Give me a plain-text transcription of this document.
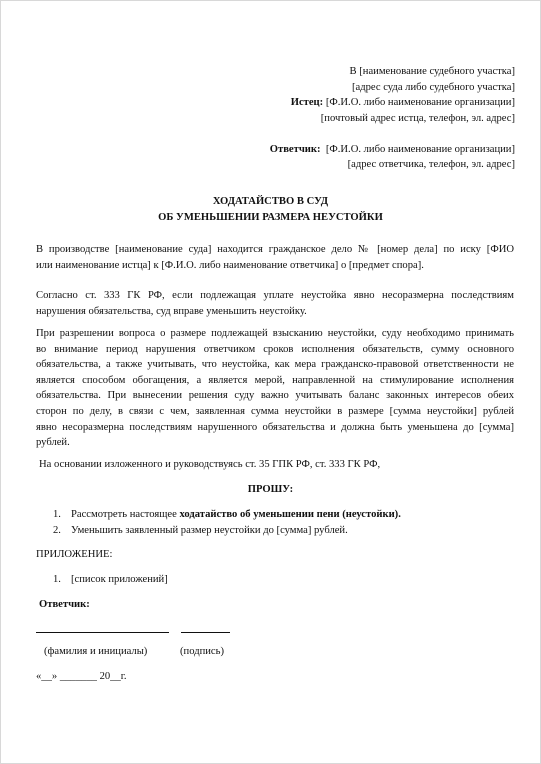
В [наименование судебного участка]
[адрес суда либо судебного участка]
Истец: [Ф.И.О. либо наименование организации]
[почтовый адрес истца, телефон, эл. адрес]
Ответчик: [Ф.И.О. либо наименование организации]
[адрес ответчика, телефон, эл. адрес]
ХОДАТАЙСТВО В СУД
ОБ УМЕНЬШЕНИИ РАЗМЕРА НЕУСТОЙКИ
В производстве [наименование суда] находится гражданское дело № [номер дела] по иску [ФИО
или наименование истца] к [Ф.И.О. либо наименование ответчика] о [предмет спора].
Согласно ст. 333 ГК РФ, если подлежащая уплате неустойка явно несоразмерна последствиям
нарушения обязательства, суд вправе уменьшить неустойку.
При разрешении вопроса о размере подлежащей взысканию неустойки, суду необходимо принимать
во внимание период нарушения ответчиком сроков исполнения обязательств, сумму основного
обязательства, а также учитывать, что неустойка, как мера гражданско-правовой ответственности не
является способом обогащения, а является мерой, направленной на стимулирование исполнения
обязательства. При вынесении решения суду важно учитывать баланс законных интересов обеих
сторон по делу, в связи с чем, заявленная сумма неустойки в размере [сумма неустойки] рублей
явно несоразмерна последствиям нарушенного обязательства и должна быть уменьшена до [сумма]
рублей.
На основании изложенного и руководствуясь ст. 35 ГПК РФ, ст. 333 ГК РФ,
ПРОШУ:
1. Рассмотреть настоящее ходатайство об уменьшении пени (неустойки).
2. Уменьшить заявленный размер неустойки до [сумма] рублей.
ПРИЛОЖЕНИЕ:
1. [список приложений]
Ответчик:
(фамилия и инициалы)	(подпись)
«__» _______ 20__г.
